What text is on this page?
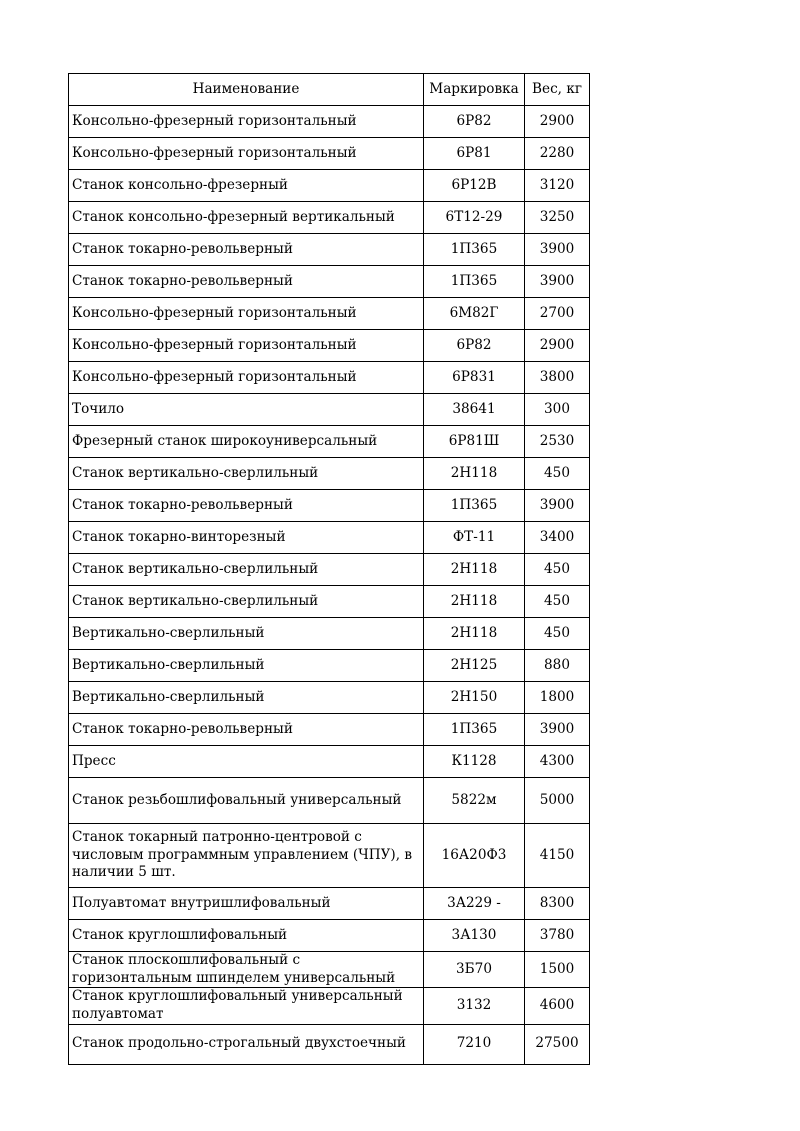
Наименование	Маркировка	Вес, кг
Консольно-фрезерный горизонтальный	6Р82	2900
Консольно-фрезерный горизонтальный	6Р81	2280
Станок консольно-фрезерный	6Р12В	3120
Станок консольно-фрезерный вертикальный	6Т12-29	3250
Станок токарно-револьверный	1П365	3900
Станок токарно-револьверный	1П365	3900
Консольно-фрезерный горизонтальный	6М82Г	2700
Консольно-фрезерный горизонтальный	6Р82	2900
Консольно-фрезерный горизонтальный	6Р831	3800
Точило	38641	300
Фрезерный станок широкоуниверсальный	6Р81Ш	2530
Станок вертикально-сверлильный	2Н118	450
Станок токарно-револьверный	1П365	3900
Станок токарно-винторезный	ФТ-11	3400
Станок вертикально-сверлильный	2Н118	450
Станок вертикально-сверлильный	2Н118	450
Вертикально-сверлильный	2Н118	450
Вертикально-сверлильный	2Н125	880
Вертикально-сверлильный	2Н150	1800
Станок токарно-револьверный	1П365	3900
Пресс	К1128	4300
Станок резьбошлифовальный универсальный	5822м	5000
Станок токарный патронно-центровой с числовым программным управлением (ЧПУ), в наличии 5 шт.	16А20Ф3	4150
Полуавтомат внутришлифовальный	3А229 -	8300
Станок круглошлифовальный	3А130	3780
Станок плоскошлифовальный с горизонтальным шпинделем универсальный	3Б70	1500
Станок круглошлифовальный универсальный полуавтомат	3132	4600
Станок продольно-строгальный двухстоечный	7210	27500
